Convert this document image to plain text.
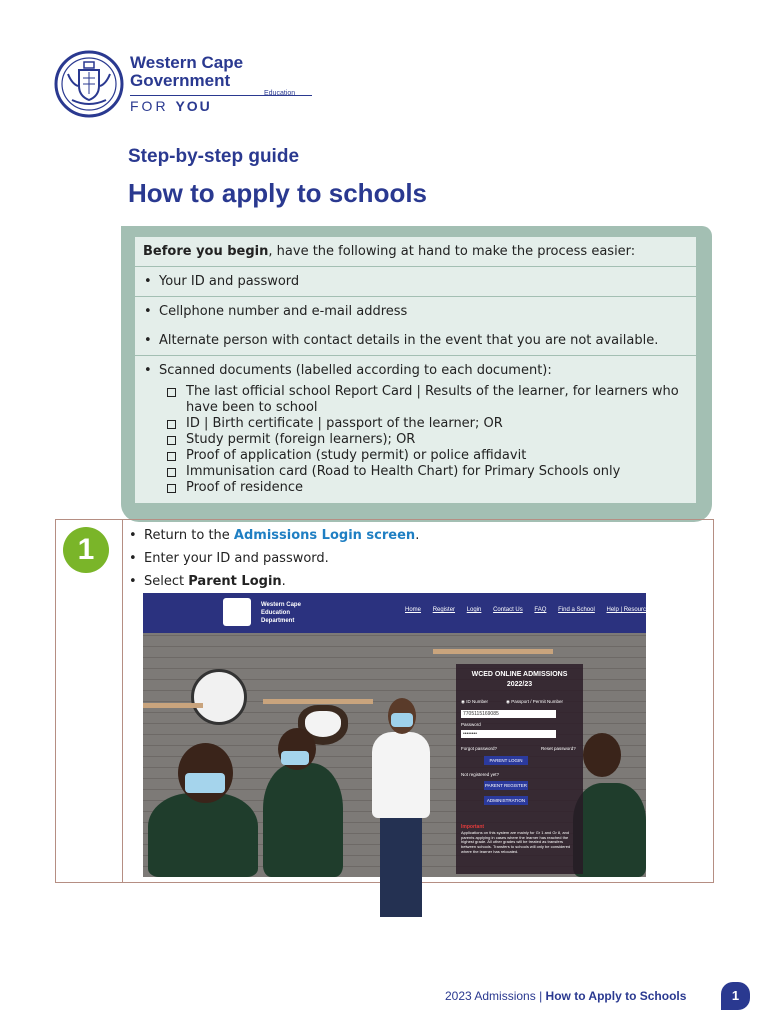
Western Cape
Government
Education
FOR YOU
Step-by-step guide
How to apply to schools
Before you begin, have the following at hand to make the process easier:
• Your ID and password
• Cellphone number and e-mail address
• Alternate person with contact details in the event that you are not available.
• Scanned documents (labelled according to each document):
The last official school Report Card | Results of the learner, for learners who have been to school
ID | Birth certificate | passport of the learner; OR
Study permit (foreign learners); OR
Proof of application (study permit) or police affidavit
Immunisation card (Road to Health Chart) for Primary Schools only
Proof of residence
1
•	Return to the Admissions Login screen.
• Enter your ID and password.
• Select Parent Login.
Western Cape
Education
Department
Home Register Login Contact Us FAQ Find a School Help | Resources
WCED ONLINE ADMISSIONS
2022/23
◉ ID Number	◉ Passport / Permit Number
7705115169085
Password
••••••••
Forgot password?	Reset password?
PARENT LOGIN
Not registered yet?
PARENT REGISTER
ADMINISTRATION
Important
Applications on this system are mainly for Gr 1 and Gr 8, and parents applying in cases where the learner has reached the highest grade. All other grades will be treated as transfers between schools. Transfers to schools will only be considered where the learner has relocated.
2023 Admissions | How to Apply to Schools	1
